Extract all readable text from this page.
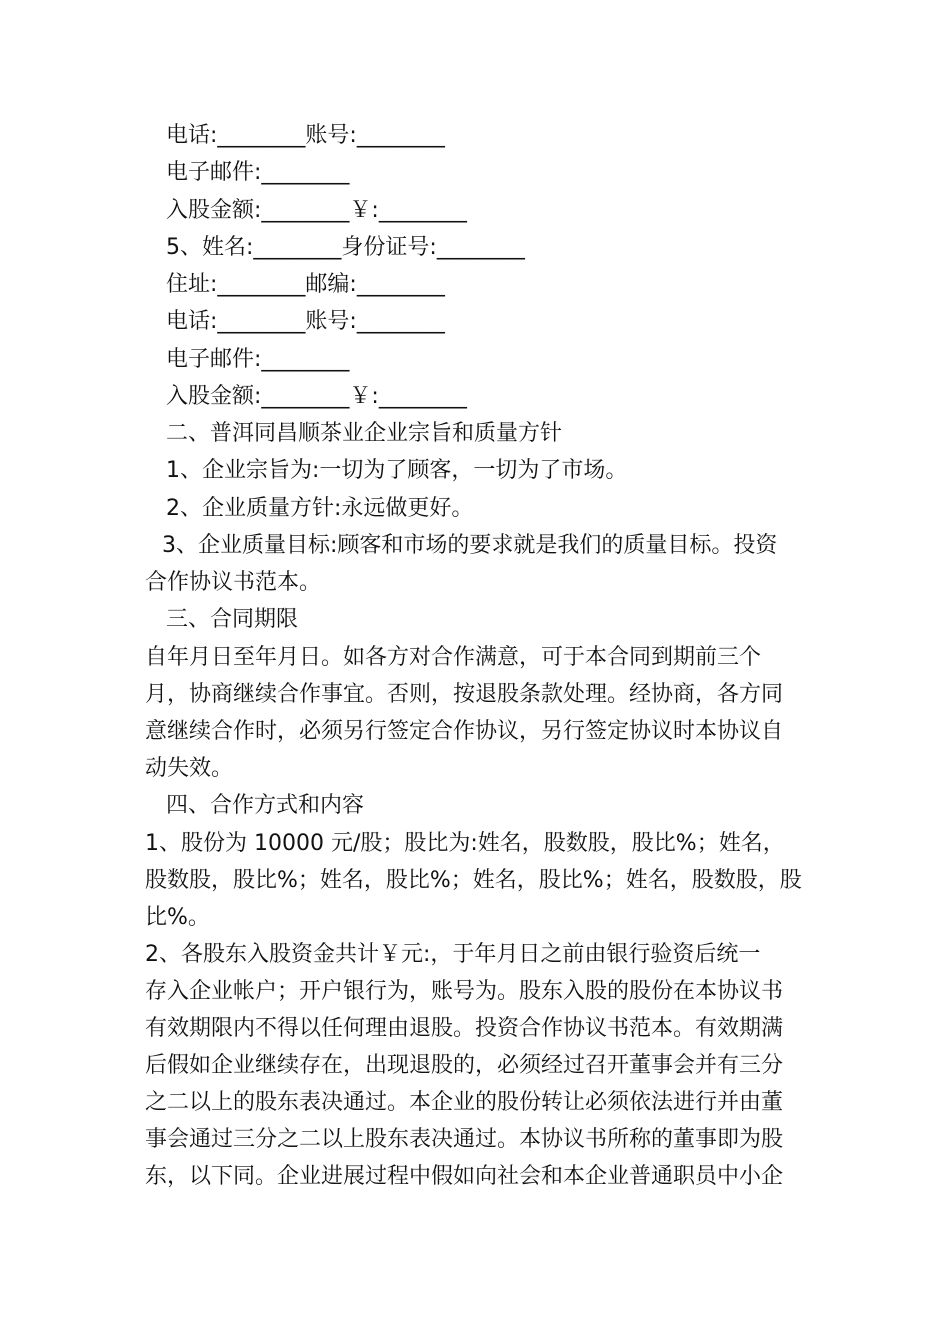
电话:________账号:________
电子邮件:________
入股金额:________￥:________
5、姓名:________身份证号:________
住址:________邮编:________
电话:________账号:________
电子邮件:________
入股金额:________￥:________
二、普洱同昌顺茶业企业宗旨和质量方针
1、企业宗旨为:一切为了顾客，一切为了市场。
2、企业质量方针:永远做更好。
3、企业质量目标:顾客和市场的要求就是我们的质量目标。投资
合作协议书范本。
三、合同期限
自年月日至年月日。如各方对合作满意，可于本合同到期前三个
月，协商继续合作事宜。否则，按退股条款处理。经协商，各方同
意继续合作时，必须另行签定合作协议，另行签定协议时本协议自
动失效。
四、合作方式和内容
1、股份为 10000 元/股；股比为:姓名，股数股，股比%；姓名，
股数股，股比%；姓名，股比%；姓名，股比%；姓名，股数股，股
比%。
2、各股东入股资金共计￥元:，于年月日之前由银行验资后统一
存入企业帐户；开户银行为，账号为。股东入股的股份在本协议书
有效期限内不得以任何理由退股。投资合作协议书范本。有效期满
后假如企业继续存在，出现退股的，必须经过召开董事会并有三分
之二以上的股东表决通过。本企业的股份转让必须依法进行并由董
事会通过三分之二以上股东表决通过。本协议书所称的董事即为股
东，以下同。企业进展过程中假如向社会和本企业普通职员中小企
